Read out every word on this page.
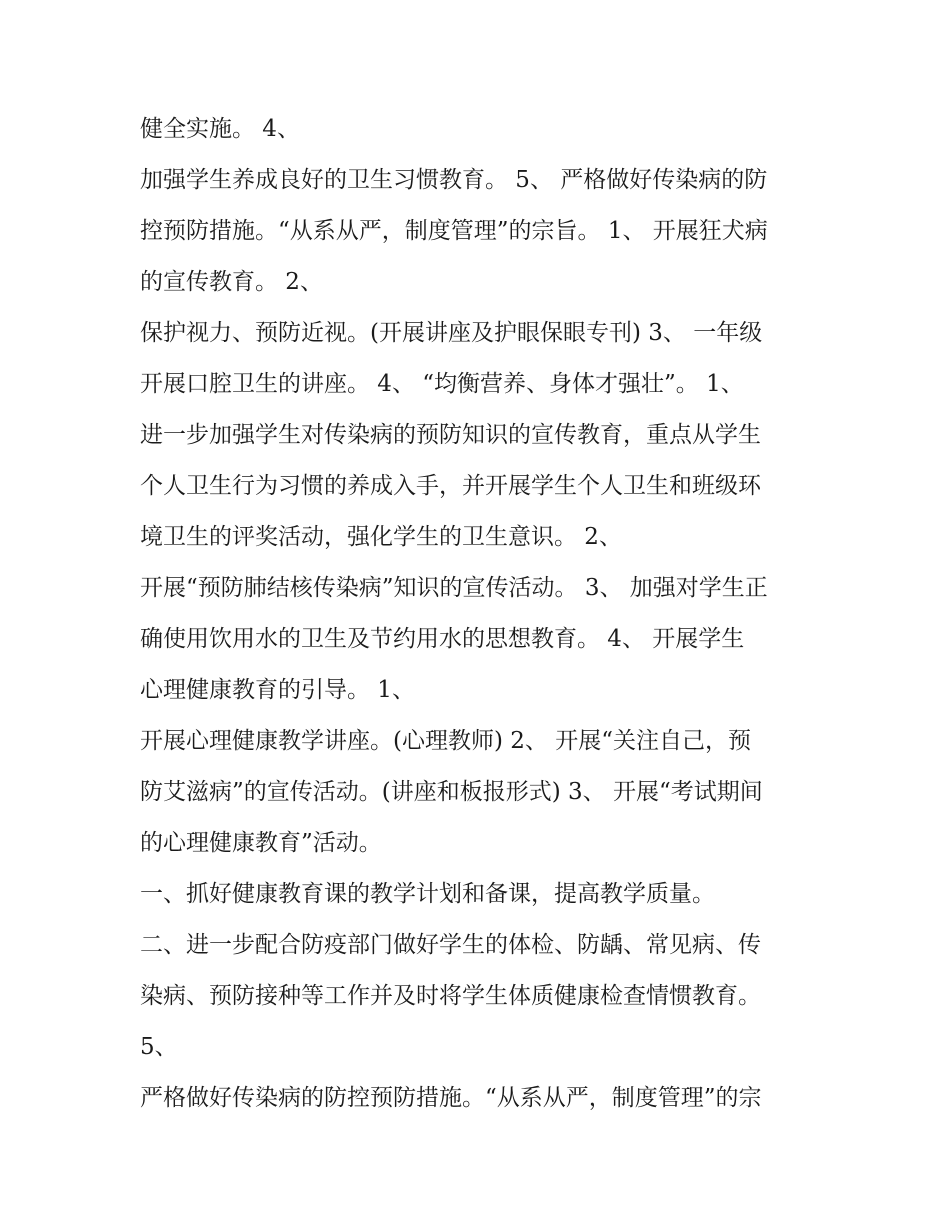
健全实施。 4、

加强学生养成良好的卫生习惯教育。 5、 严格做好传染病的防

控预防措施。“从系从严，制度管理”的宗旨。 1、 开展狂犬病

的宣传教育。 2、

保护视力、预防近视。(开展讲座及护眼保眼专刊) 3、 一年级

开展口腔卫生的讲座。 4、 “均衡营养、身体才强壮”。 1、

进一步加强学生对传染病的预防知识的宣传教育，重点从学生

个人卫生行为习惯的养成入手，并开展学生个人卫生和班级环

境卫生的评奖活动，强化学生的卫生意识。 2、

开展“预防肺结核传染病”知识的宣传活动。 3、 加强对学生正

确使用饮用水的卫生及节约用水的思想教育。 4、 开展学生

心理健康教育的引导。 1、

开展心理健康教学讲座。(心理教师) 2、 开展“关注自己，预

防艾滋病”的宣传活动。(讲座和板报形式) 3、 开展“考试期间

的心理健康教育”活动。

一、抓好健康教育课的教学计划和备课，提高教学质量。

二、进一步配合防疫部门做好学生的体检、防龋、常见病、传

染病、预防接种等工作并及时将学生体质健康检查情惯教育。

5、

严格做好传染病的防控预防措施。“从系从严，制度管理”的宗
